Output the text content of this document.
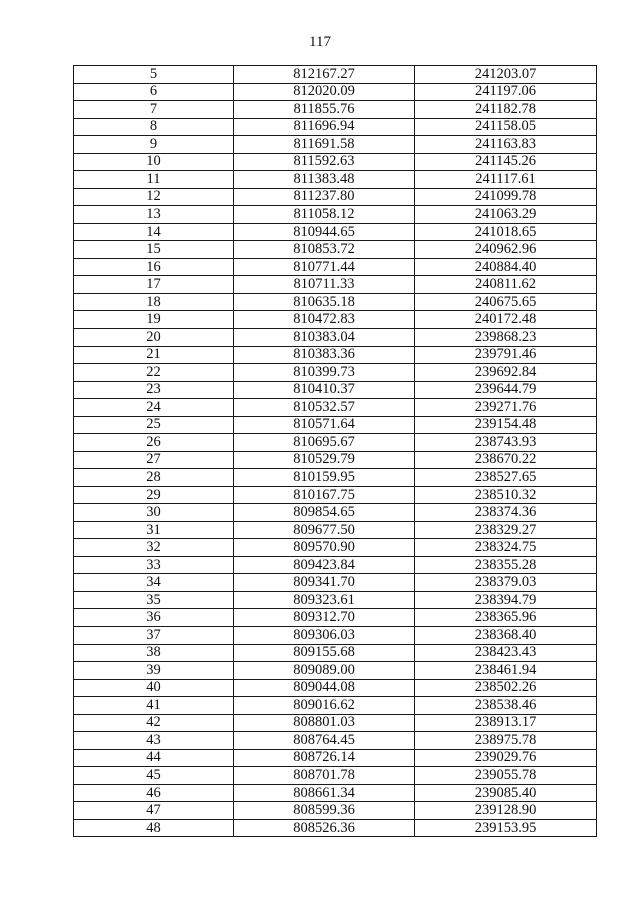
117
5	812167.27	241203.07
6	812020.09	241197.06
7	811855.76	241182.78
8	811696.94	241158.05
9	811691.58	241163.83
10	811592.63	241145.26
11	811383.48	241117.61
12	811237.80	241099.78
13	811058.12	241063.29
14	810944.65	241018.65
15	810853.72	240962.96
16	810771.44	240884.40
17	810711.33	240811.62
18	810635.18	240675.65
19	810472.83	240172.48
20	810383.04	239868.23
21	810383.36	239791.46
22	810399.73	239692.84
23	810410.37	239644.79
24	810532.57	239271.76
25	810571.64	239154.48
26	810695.67	238743.93
27	810529.79	238670.22
28	810159.95	238527.65
29	810167.75	238510.32
30	809854.65	238374.36
31	809677.50	238329.27
32	809570.90	238324.75
33	809423.84	238355.28
34	809341.70	238379.03
35	809323.61	238394.79
36	809312.70	238365.96
37	809306.03	238368.40
38	809155.68	238423.43
39	809089.00	238461.94
40	809044.08	238502.26
41	809016.62	238538.46
42	808801.03	238913.17
43	808764.45	238975.78
44	808726.14	239029.76
45	808701.78	239055.78
46	808661.34	239085.40
47	808599.36	239128.90
48	808526.36	239153.95
